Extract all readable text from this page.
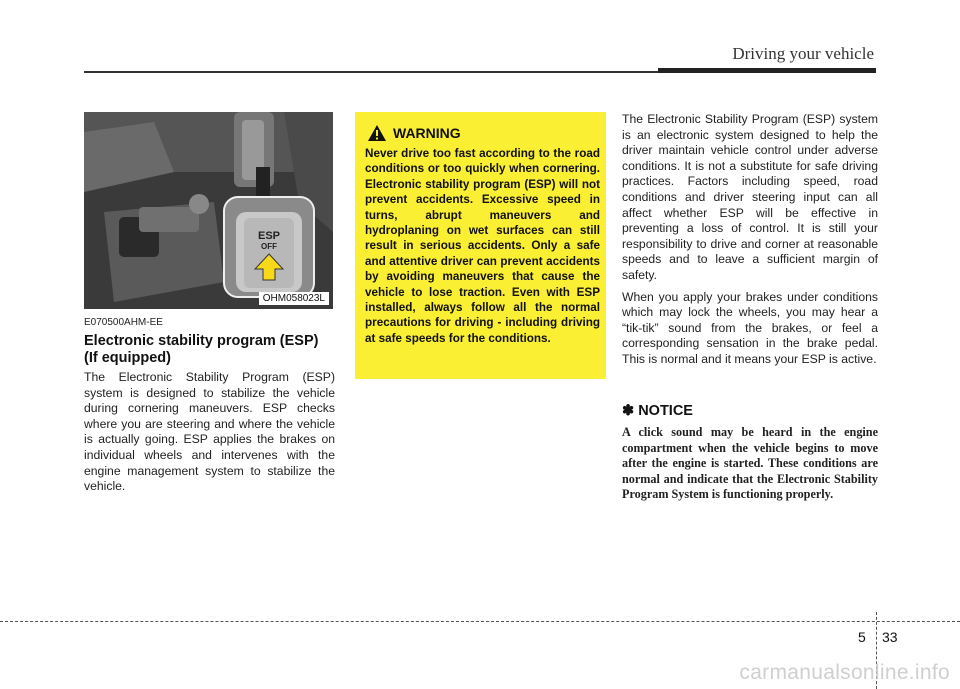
Driving your vehicle
ESP
OFF
OHM058023L
E070500AHM-EE
Electronic stability program (ESP) (If equipped)

The Electronic Stability Program (ESP) system is designed to stabilize the vehicle during cornering maneuvers. ESP checks where you are steering and where the vehicle is actually going. ESP applies the brakes on individual wheels and intervenes with the engine management system to stabilize the vehicle.

WARNING

Never drive too fast according to the road conditions or too quickly when cornering. Electronic stability program (ESP) will not prevent accidents. Excessive speed in turns, abrupt maneuvers and hydroplaning on wet surfaces can still result in serious accidents. Only a safe and attentive driver can prevent accidents by avoiding maneuvers that cause the vehicle to lose traction. Even with ESP installed, always follow all the normal precautions for driving - including driving at safe speeds for the conditions.

The Electronic Stability Program (ESP) system is an electronic system designed to help the driver maintain vehicle control under adverse conditions. It is not a substitute for safe driving practices. Factors including speed, road conditions and driver steering input can all affect whether ESP will be effective in preventing a loss of control. It is still your responsibility to drive and corner at reasonable speeds and to leave a sufficient margin of safety.

When you apply your brakes under conditions which may lock the wheels, you may hear a “tik-tik” sound from the brakes, or feel a corresponding sensation in the brake pedal. This is normal and it means your ESP is active.

✽ NOTICE

A click sound may be heard in the engine compartment when the vehicle begins to move after the engine is started. These conditions are normal and indicate that the Electronic Stability Program System is functioning properly.

5 33
carmanualsonline.info
